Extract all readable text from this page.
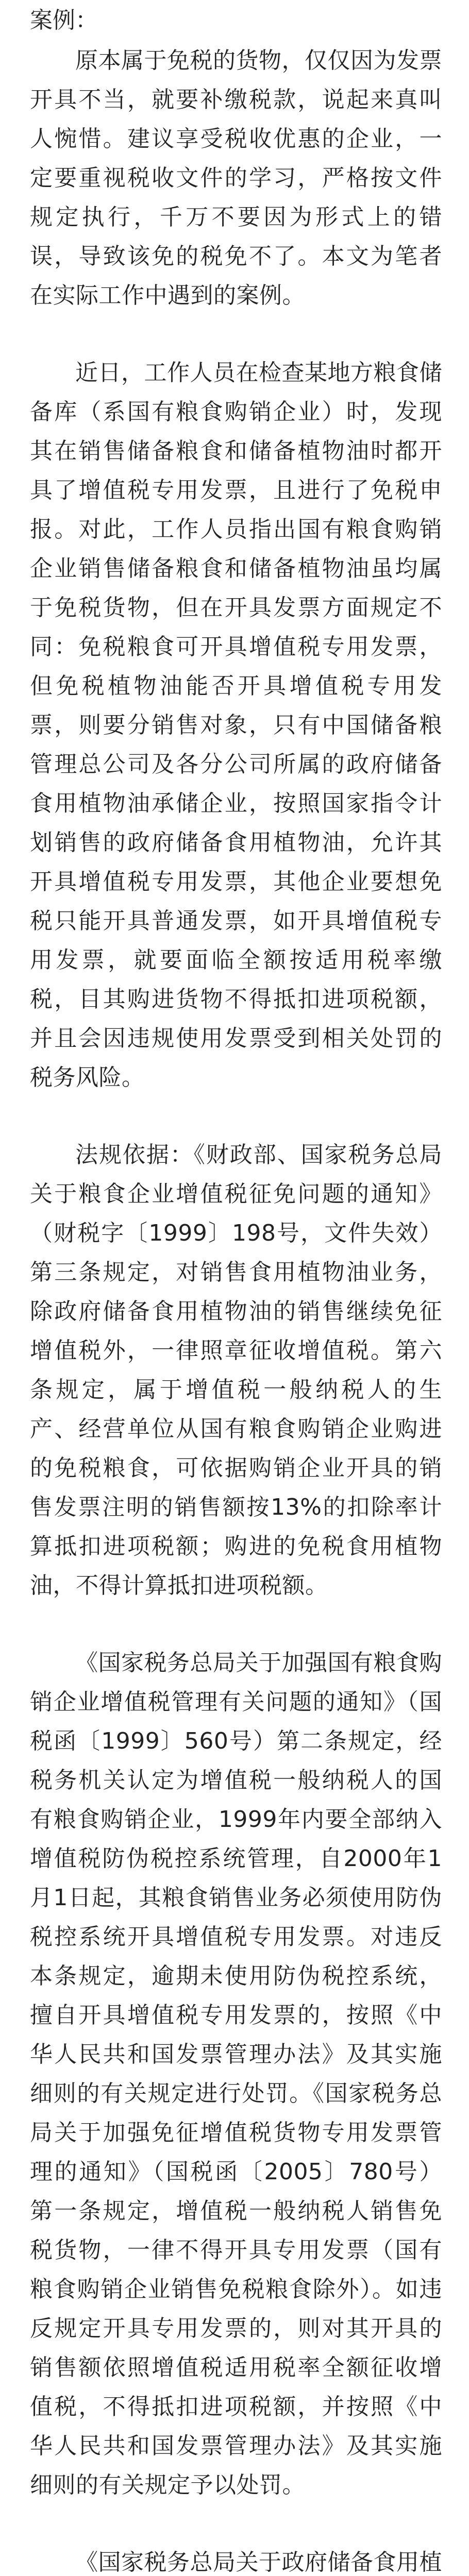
案例：

原本属于免税的货物，仅仅因为发票开具不当，就要补缴税款，说起来真叫人惋惜。建议享受税收优惠的企业，一定要重视税收文件的学习，严格按文件规定执行，千万不要因为形式上的错误，导致该免的税免不了。本文为笔者在实际工作中遇到的案例。

近日，工作人员在检查某地方粮食储备库（系国有粮食购销企业）时，发现其在销售储备粮食和储备植物油时都开具了增值税专用发票，且进行了免税申报。对此，工作人员指出国有粮食购销企业销售储备粮食和储备植物油虽均属于免税货物，但在开具发票方面规定不同：免税粮食可开具增值税专用发票，但免税植物油能否开具增值税专用发票，则要分销售对象，只有中国储备粮管理总公司及各分公司所属的政府储备食用植物油承储企业，按照国家指令计划销售的政府储备食用植物油，允许其开具增值税专用发票，其他企业要想免税只能开具普通发票，如开具增值税专用发票，就要面临全额按适用税率缴税，目其购进货物不得抵扣进项税额，并且会因违规使用发票受到相关处罚的税务风险。

法规依据：《财政部、国家税务总局关于粮食企业增值税征免问题的通知》（财税字〔1999〕198号，文件失效）第三条规定，对销售食用植物油业务，除政府储备食用植物油的销售继续免征增值税外，一律照章征收增值税。第六条规定，属于增值税一般纳税人的生产、经营单位从国有粮食购销企业购进的免税粮食，可依据购销企业开具的销售发票注明的销售额按13%的扣除率计算抵扣进项税额；购进的免税食用植物油，不得计算抵扣进项税额。

《国家税务总局关于加强国有粮食购销企业增值税管理有关问题的通知》（国税函〔1999〕560号）第二条规定，经税务机关认定为增值税一般纳税人的国有粮食购销企业，1999年内要全部纳入增值税防伪税控系统管理，自2000年1月1日起，其粮食销售业务必须使用防伪税控系统开具增值税专用发票。对违反本条规定，逾期未使用防伪税控系统，擅自开具增值税专用发票的，按照《中华人民共和国发票管理办法》及其实施细则的有关规定进行处罚。《国家税务总局关于加强免征增值税货物专用发票管理的通知》（国税函〔2005〕780号）第一条规定，增值税一般纳税人销售免税货物，一律不得开具专用发票（国有粮食购销企业销售免税粮食除外）。如违反规定开具专用发票的，则对其开具的销售额依照增值税适用税率全额征收增值税，不得抵扣进项税额，并按照《中华人民共和国发票管理办法》及其实施细则的有关规定予以处罚。

《国家税务总局关于政府储备食用植
